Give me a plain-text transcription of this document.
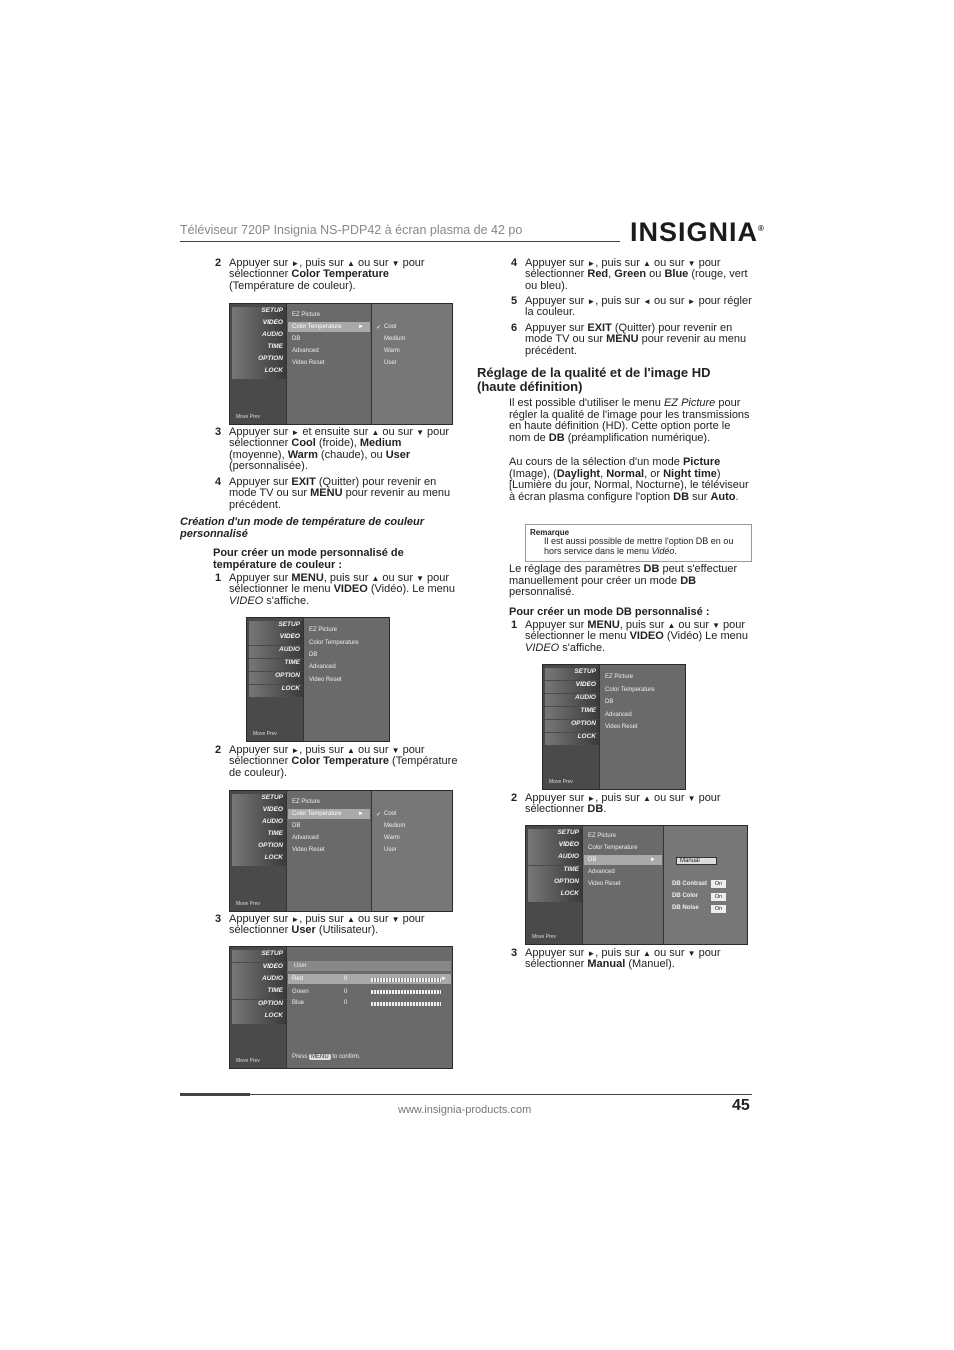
Téléviseur 720P Insignia NS-PDP42 à écran plasma de 42 po	INSIGNIA®
2 Appuyer sur ►, puis sur ▲ ou sur ▼ pour sélectionner Color Temperature (Température de couleur).
SETUP
VIDEO
AUDIO
TIME
OPTION
LOCK
Move Prev
EZ Picture
Color Temperature	►
DB
Advanced
Video Reset
✓ Cool
Medium
Warm
User
3 Appuyer sur ► et ensuite sur ▲ ou sur ▼ pour sélectionner Cool (froide), Medium (moyenne), Warm (chaude), ou User (personnalisée).
4 Appuyer sur EXIT (Quitter) pour revenir en mode TV ou sur MENU pour revenir au menu précédent.
Création d'un mode de température de couleur personnalisé
Pour créer un mode personnalisé de température de couleur :
1 Appuyer sur MENU, puis sur ▲ ou sur ▼ pour sélectionner le menu VIDEO (Vidéo). Le menu VIDEO s'affiche.
SETUP
VIDEO
AUDIO
TIME
OPTION
LOCK
Move Prev
EZ Picture
Color Temperature
DB
Advanced
Video Reset
2 Appuyer sur ►, puis sur ▲ ou sur ▼ pour sélectionner Color Temperature (Température de couleur).
SETUP
VIDEO
AUDIO
TIME
OPTION
LOCK
Move Prev
EZ Picture
Color Temperature	►
DB
Advanced
Video Reset
✓ Cool
Medium
Warm
User
3 Appuyer sur ►, puis sur ▲ ou sur ▼ pour sélectionner User (Utilisateur).
SETUP
VIDEO
AUDIO
TIME
OPTION
LOCK
Move Prev
User
Red	0	►
Green	0
Blue	0
Press MENU to confirm.
4 Appuyer sur ►, puis sur ▲ ou sur ▼ pour sélectionner Red, Green ou Blue (rouge, vert ou bleu).
5 Appuyer sur ►, puis sur ◄ ou sur ► pour régler la couleur.
6 Appuyer sur EXIT (Quitter) pour revenir en mode TV ou sur MENU pour revenir au menu précédent.
Réglage de la qualité et de l'image HD (haute définition)
Il est possible d'utiliser le menu EZ Picture pour régler la qualité de l'image pour les transmissions en haute définition (HD). Cette option porte le nom de DB (préamplification numérique).
Au cours de la sélection d'un mode Picture (Image), (Daylight, Normal, or Night time) [Lumière du jour, Normal, Nocturne), le téléviseur à écran plasma configure l'option DB sur Auto.
Remarque
Il est aussi possible de mettre l'option DB en ou hors service dans le menu Vidéo.
Le réglage des paramètres DB peut s'effectuer manuellement pour créer un mode DB personnalisé.
Pour créer un mode DB personnalisé :
1 Appuyer sur MENU, puis sur ▲ ou sur ▼ pour sélectionner le menu VIDEO (Vidéo) Le menu VIDEO s'affiche.
SETUP
VIDEO
AUDIO
TIME
OPTION
LOCK
Move Prev
EZ Picture
Color Temperature
DB
Advanced
Video Reset
2 Appuyer sur ►, puis sur ▲ ou sur ▼ pour sélectionner DB.
SETUP
VIDEO
AUDIO
TIME
OPTION
LOCK
Move Prev
EZ Picture
Color Temperature
DB	►
Advanced
Video Reset
Manual
DB Contrast	On
DB Color	On
DB Noise	On
3 Appuyer sur ►, puis sur ▲ ou sur ▼ pour sélectionner Manual (Manuel).
www.insignia-products.com	45
